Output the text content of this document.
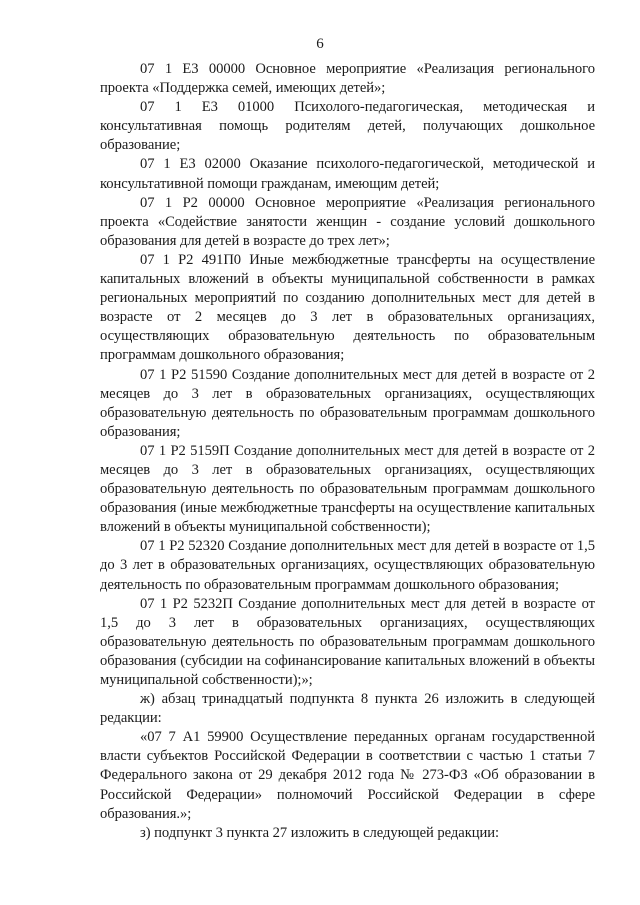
6

07 1 Е3 00000 Основное мероприятие «Реализация регионального проекта «Поддержка семей, имеющих детей»;

07 1 Е3 01000 Психолого-педагогическая, методическая и консультативная помощь родителям детей, получающих дошкольное образование;

07 1 Е3 02000 Оказание психолого-педагогической, методической и консультативной помощи гражданам, имеющим детей;

07 1 Р2 00000 Основное мероприятие «Реализация регионального проекта «Содействие занятости женщин - создание условий дошкольного образования для детей в возрасте до трех лет»;

07 1 Р2 491П0 Иные межбюджетные трансферты на осуществление капитальных вложений в объекты муниципальной собственности в рамках региональных мероприятий по созданию дополнительных мест для детей в возрасте от 2 месяцев до 3 лет в образовательных организациях, осуществляющих образовательную деятельность по образовательным программам дошкольного образования;

07 1 Р2 51590 Создание дополнительных мест для детей в возрасте от 2 месяцев до 3 лет в образовательных организациях, осуществляющих образовательную деятельность по образовательным программам дошкольного образования;

07 1 Р2 5159П Создание дополнительных мест для детей в возрасте от 2 месяцев до 3 лет в образовательных организациях, осуществляющих образовательную деятельность по образовательным программам дошкольного образования (иные межбюджетные трансферты на осуществление капитальных вложений в объекты муниципальной собственности);

07 1 Р2 52320 Создание дополнительных мест для детей в возрасте от 1,5 до 3 лет в образовательных организациях, осуществляющих образовательную деятельность по образовательным программам дошкольного образования;

07 1 Р2 5232П Создание дополнительных мест для детей в возрасте от 1,5 до 3 лет в образовательных организациях, осуществляющих образовательную деятельность по образовательным программам дошкольного образования (субсидии на софинансирование капитальных вложений в объекты муниципальной собственности);»;

ж) абзац тринадцатый подпункта 8 пункта 26 изложить в следующей редакции:

«07 7 А1 59900 Осуществление переданных органам государственной власти субъектов Российской Федерации в соответствии с частью 1 статьи 7 Федерального закона от 29 декабря 2012 года № 273-ФЗ «Об образовании в Российской Федерации» полномочий Российской Федерации в сфере образования.»;

з) подпункт 3 пункта 27 изложить в следующей редакции:
